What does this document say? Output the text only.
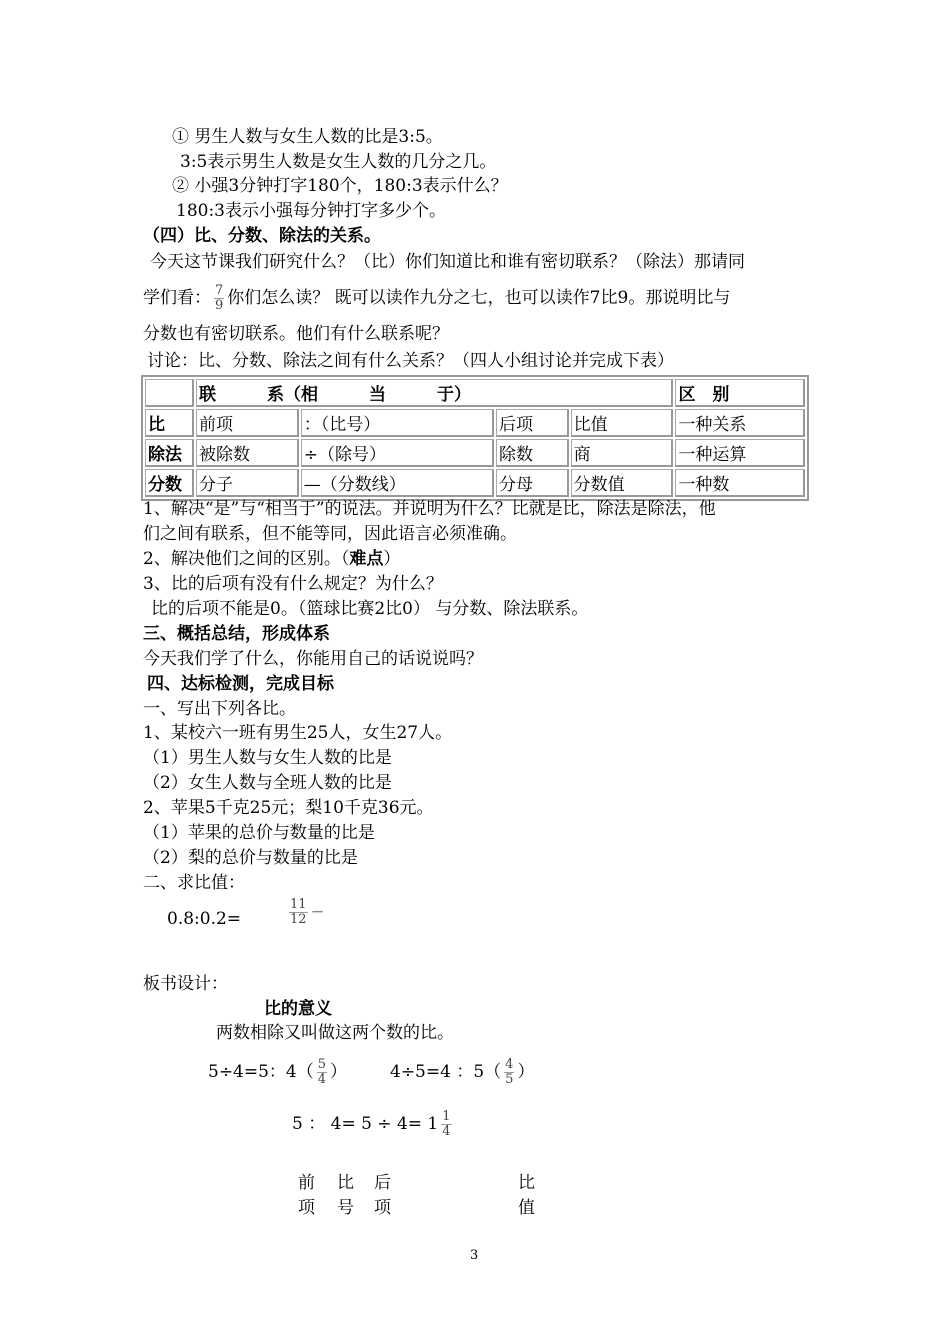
① 男生人数与女生人数的比是3:5。
3:5表示男生人数是女生人数的几分之几。
② 小强3分钟打字180个，180:3表示什么？
180:3表示小强每分钟打字多少个。
（四）比、分数、除法的关系。
今天这节课我们研究什么？（比）你们知道比和谁有密切联系？（除法）那请同
学们看： $\frac{7}{9}$ 你们怎么读？ 既可以读作九分之七，也可以读作7比9。那说明比与
分数也有密切联系。他们有什么联系呢？
讨论：比、分数、除法之间有什么关系？（四人小组讨论并完成下表）
	联　　　系（相　　　当　　　于）				区　别
比	前项	：（比号）	后项	比值	一种关系
除法	被除数	÷（除号）	除数	商	一种运算
分数	分子	—（分数线）	分母	分数值	一种数
1、解决“是”与“相当于”的说法。并说明为什么？比就是比，除法是除法，他
们之间有联系，但不能等同，因此语言必须准确。
2、解决他们之间的区别。（难点）
3、比的后项有没有什么规定？为什么？
比的后项不能是0。（篮球比赛2比0） 与分数、除法联系。
三、概括总结，形成体系
今天我们学了什么，你能用自己的话说说吗？
四、达标检测，完成目标
一、写出下列各比。
1、某校六一班有男生25人，女生27人。
（1）男生人数与女生人数的比是
（2）女生人数与全班人数的比是
2、苹果5千克25元；梨10千克36元。
（1）苹果的总价与数量的比是
（2）梨的总价与数量的比是
二、求比值：
0.8:0.2=	$\frac{11}{12}$ −
板书设计：
比的意义
两数相除又叫做这两个数的比。
5÷4=5：$4( \frac{5}{4}$ ）	4÷5=4 ：$5( \frac{4}{5}$ ）
5 ： $4= 5 \div 4= 1 \frac{1}{4}$
前 比 后	比
项 号 项	值
3
